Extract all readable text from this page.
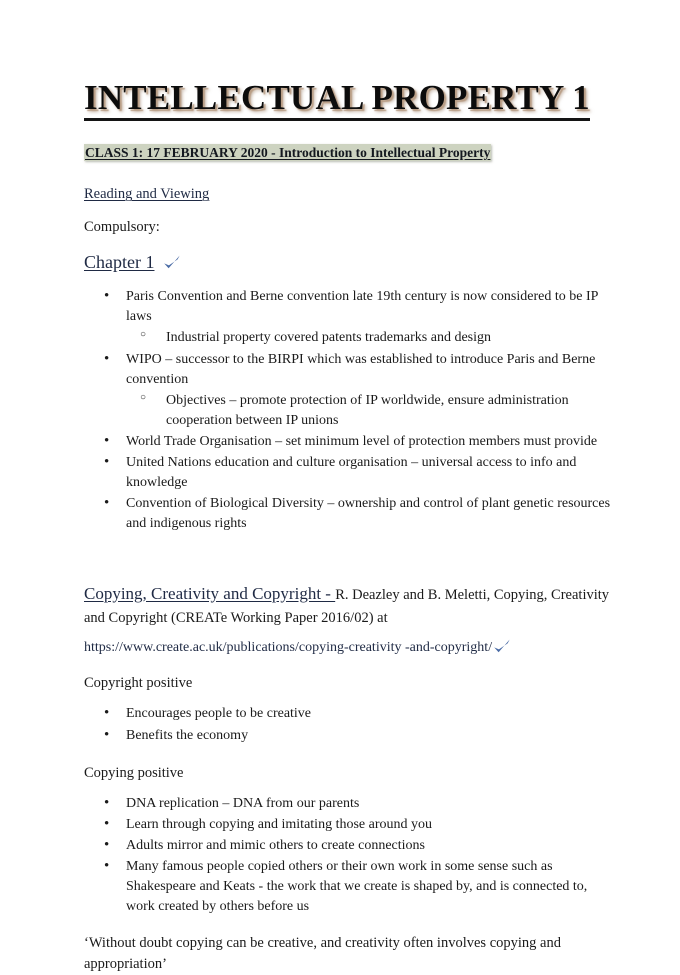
INTELLECTUAL PROPERTY 1
CLASS 1: 17 FEBRUARY 2020 - Introduction to Intellectual Property
Reading and Viewing
Compulsory:
Chapter 1
• Paris Convention and Berne convention late 19th century is now considered to be IP laws
○ Industrial property covered patents trademarks and design
• WIPO – successor to the BIRPI which was established to introduce Paris and Berne convention
○ Objectives – promote protection of IP worldwide, ensure administration cooperation between IP unions
• World Trade Organisation – set minimum level of protection members must provide
• United Nations education and culture organisation – universal access to info and knowledge
• Convention of Biological Diversity – ownership and control of plant genetic resources and indigenous rights
Copying, Creativity and Copyright - R. Deazley and B. Meletti, Copying, Creativity and Copyright (CREATe Working Paper 2016/02) at
https://www.create.ac.uk/publications/copying-creativity -and-copyright/
Copyright positive
• Encourages people to be creative
• Benefits the economy
Copying positive
• DNA replication – DNA from our parents
• Learn through copying and imitating those around you
• Adults mirror and mimic others to create connections
• Many famous people copied others or their own work in some sense such as Shakespeare and Keats - the work that we create is shaped by, and is connected to, work created by others before us
‘Without doubt copying can be creative, and creativity often involves copying and appropriation’
